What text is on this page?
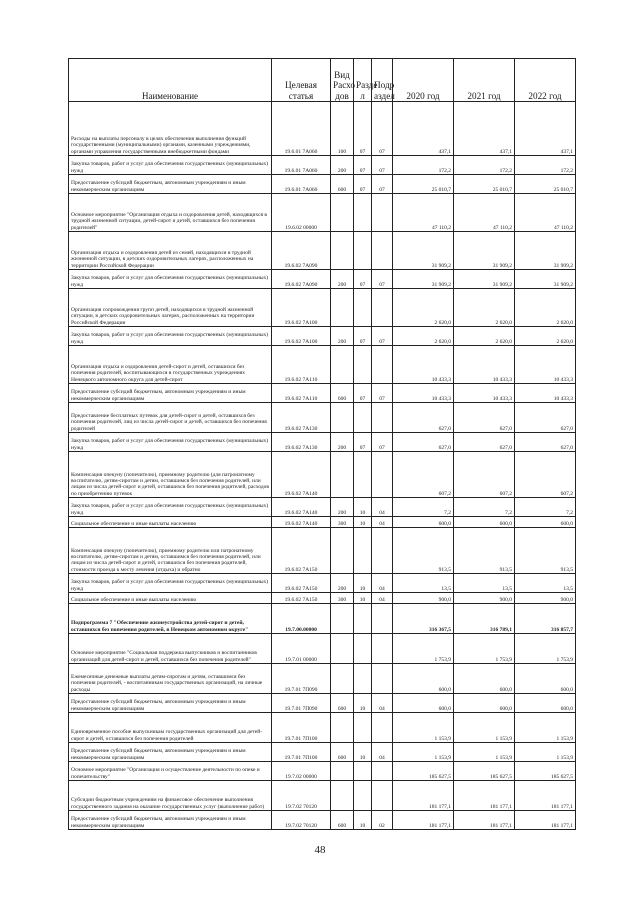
Наименование	Целевая статья	Вид Расхо дов	Разде л	Подр аздел	2020 год	2021 год	2022 год
Расходы на выплаты персоналу в целях обеспечения выполнения функций государственными (муниципальными) органами, казенными учреждениями, органами управления государственными внебюджетными фондами	19.6.01 7А060	100	07	07	437,1	437,1	437,1
Закупка товаров, работ и услуг для обеспечения государственных (муниципальных) нужд	19.6.01 7А060	200	07	07	172,2	172,2	172,2
Предоставление субсидий бюджетным, автономным учреждениям и иным некоммерческим организациям	19.6.01 7А060	600	07	07	25 010,7	25 010,7	25 010,7
Основное мероприятие "Организация отдыха и оздоровления детей, находящихся в трудной жизненной ситуации, детей-сирот и детей, оставшихся без попечения родителей"	19.6.02 00000				47 110,2	47 110,2	47 110,2
Организация отдыха и оздоровления детей из семей, находящихся в трудной жизненной ситуации, в детских оздоровительных лагерях, расположенных на территории Российской Федерации	19.6.02 7А090				31 909,2	31 909,2	31 909,2
Закупка товаров, работ и услуг для обеспечения государственных (муниципальных) нужд	19.6.02 7А090	200	07	07	31 909,2	31 909,2	31 909,2
Организация сопровождения групп детей, находящихся в трудной жизненной ситуации, в детских оздоровительных лагерях, расположенных на территории Российской Федерации	19.6.02 7А100				2 620,0	2 620,0	2 620,0
Закупка товаров, работ и услуг для обеспечения государственных (муниципальных) нужд	19.6.02 7А100	200	07	07	2 620,0	2 620,0	2 620,0
Организация отдыха и оздоровления детей-сирот и детей, оставшихся без попечения родителей, воспитывающихся в государственных учреждениях Ненецкого автономного округа для детей-сирот	19.6.02 7А110				10 433,3	10 433,3	10 433,3
Предоставление субсидий бюджетным, автономным учреждениям и иным некоммерческим организациям	19.6.02 7А110	600	07	07	10 433,3	10 433,3	10 433,3
Предоставление бесплатных путевок для детей-сирот и детей, оставшихся без попечения родителей, лиц из числа детей-сирот и детей, оставшихся без попечения родителей	19.6.02 7А130				627,0	627,0	627,0
Закупка товаров, работ и услуг для обеспечения государственных (муниципальных) нужд	19.6.02 7А130	200	07	07	627,0	627,0	627,0
Компенсация опекуну (попечителю), приемному родителю (для патронатному воспитателю, детям-сиротам и детям, оставшимся без попечения родителей, или лицам из числа детей-сирот и детей, оставшихся без попечения родителей, расходов по приобретению путевок	19.6.02 7А140				607,2	607,2	607,2
Закупка товаров, работ и услуг для обеспечения государственных (муниципальных) нужд	19.6.02 7А140	200	10	04	7,2	7,2	7,2
Социальное обеспечение и иные выплаты населению	19.6.02 7А140	300	10	04	600,0	600,0	600,0
Компенсация опекуну (попечителю), приемному родителю или патронатному воспитателю, детям-сиротам и детям, оставшимся без попечения родителей, или лицам из числа детей-сирот и детей, оставшихся без попечения родителей, стоимости проезда к месту лечения (отдыха) и обратно	19.6.02 7А150				913,5	913,5	913,5
Закупка товаров, работ и услуг для обеспечения государственных (муниципальных) нужд	19.6.02 7А150	200	10	04	13,5	13,5	13,5
Социальное обеспечение и иные выплаты населению	19.6.02 7А150	300	10	04	900,0	900,0	900,0
Подпрограмма 7 "Обеспечение жизнеустройства детей-сирот и детей, оставшихся без попечения родителей, в Ненецком автономном округе"	19.7.00.00000				316 367,5	316 789,1	316 857,7
Основное мероприятие "Социальная поддержка выпускников и воспитанников организаций для детей-сирот и детей, оставшихся без попечения родителей"	19.7.01 00000				1 753,9	1 753,9	1 753,9
Ежемесячные денежные выплаты детям-сиротам и детям, оставшимся без попечения родителей, - воспитанникам государственных организаций, на личные расходы	19.7.01 7П090				600,0	600,0	600,0
Предоставление субсидий бюджетным, автономным учреждениям и иным некоммерческим организациям	19.7.01 7П090	600	10	04	600,0	600,0	600,0
Единовременное пособие выпускникам государственных организаций для детей-сирот и детей, оставшихся без попечения родителей	19.7.01 7П100				1 153,9	1 153,9	1 153,9
Предоставление субсидий бюджетным, автономным учреждениям и иным некоммерческим организациям	19.7.01 7П100	600	10	04	1 153,9	1 153,9	1 153,9
Основное мероприятие "Организация и осуществление деятельности по опеке и попечительству"	19.7.02 00000				185 627,5	185 627,5	185 627,5
Субсидии бюджетным учреждениям на финансовое обеспечение выполнения государственного задания на оказание государственных услуг (выполнение работ)	19.7.02 70120				181 177,1	181 177,1	181 177,1
Предоставление субсидий бюджетным, автономным учреждениям и иным некоммерческим организациям	19.7.02 70120	600	10	02	181 177,1	181 177,1	181 177,1
48
